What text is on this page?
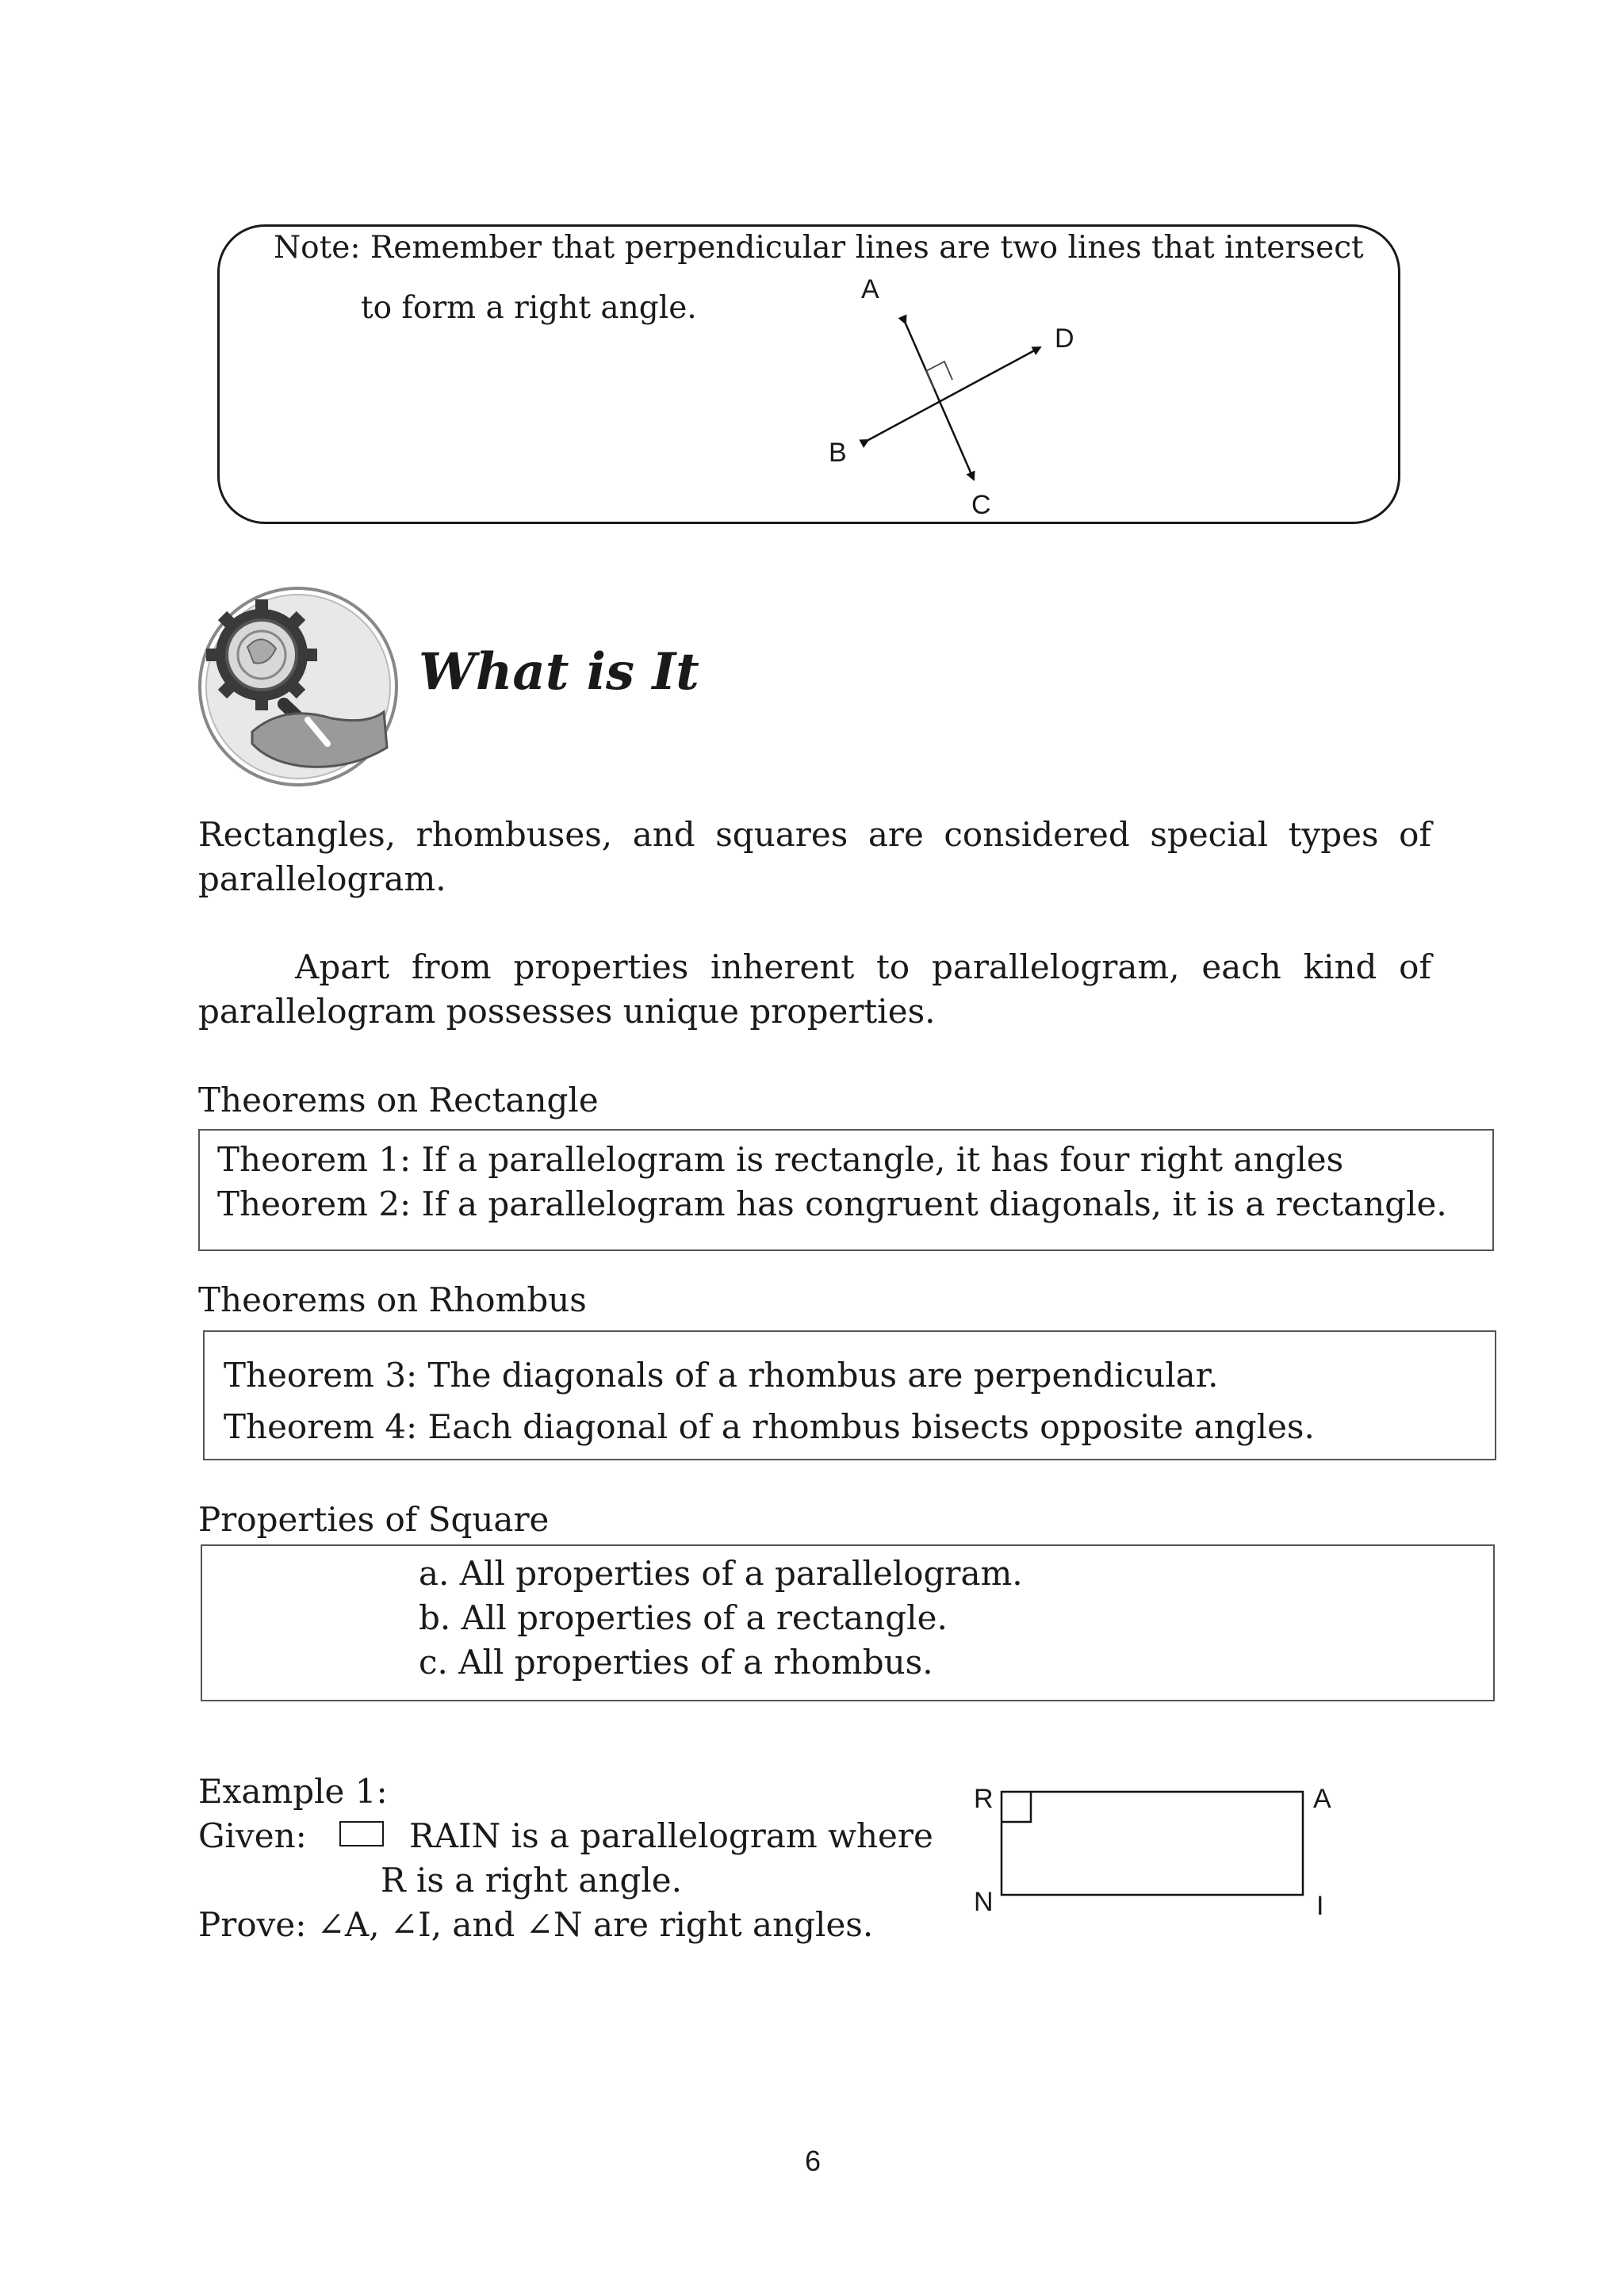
Note: Remember that perpendicular lines are two lines that intersect
to form a right angle.
A
D
B
C
What is It
Rectangles, rhombuses, and squares are considered special types of
parallelogram.
Apart from properties inherent to parallelogram, each kind of
parallelogram possesses unique properties.
Theorems on Rectangle
Theorem 1: If a parallelogram is rectangle, it has four right angles
Theorem 2: If a parallelogram has congruent diagonals, it is a rectangle.
Theorems on Rhombus
Theorem 3: The diagonals of a rhombus are perpendicular.
Theorem 4: Each diagonal of a rhombus bisects opposite angles.
Properties of Square
a. All properties of a parallelogram.
b. All properties of a rectangle.
c. All properties of a rhombus.
Example 1:
Given:	RAIN is a parallelogram where
R is a right angle.
Prove: ∠A, ∠I, and ∠N are right angles.
R	A
N	I
6
